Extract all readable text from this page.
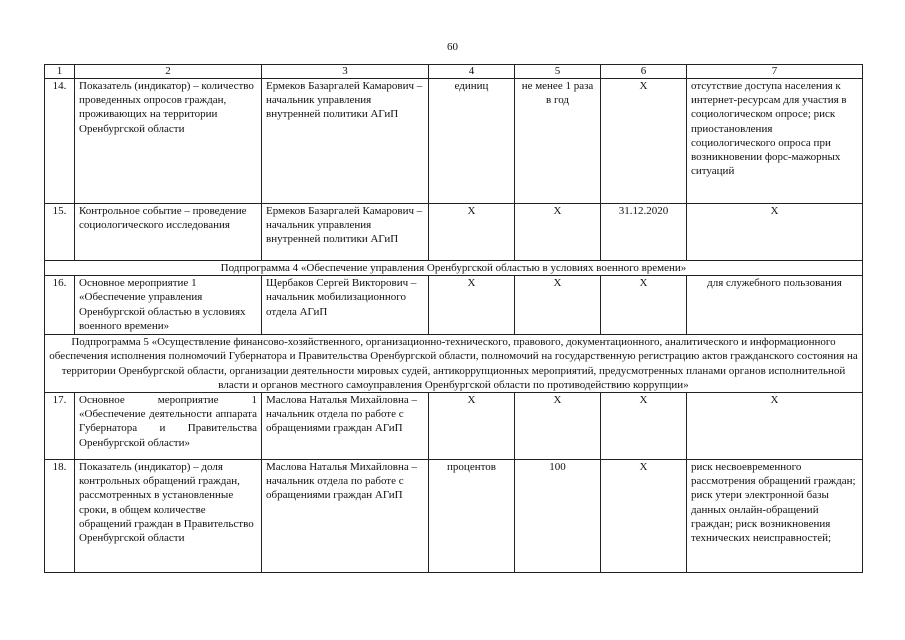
60
1	2	3	4	5	6	7
14.	Показатель (индикатор) – количество проведенных опросов граждан, проживающих на территории Оренбургской области	Ермеков Базаргалей Камарович – начальник управления внутренней политики АГиП	единиц	не менее 1 раза в год	Х	отсутствие доступа населения к интернет-ресурсам для участия в социологическом опросе; риск приостановления социологического опроса при возникновении форс-мажорных ситуаций
15.	Контрольное событие – проведение социологического исследования	Ермеков Базаргалей Камарович – начальник управления внутренней политики АГиП	Х	Х	31.12.2020	Х
Подпрограмма 4 «Обеспечение управления Оренбургской областью в условиях военного времени»						
16.	Основное мероприятие 1 «Обеспечение управления Оренбургской областью в условиях военного времени»	Щербаков Сергей Викторович – начальник мобилизационного отдела АГиП	Х	Х	Х	для служебного пользования
Подпрограмма 5 «Осуществление финансово-хозяйственного, организационно-технического, правового, документационного, аналитического и информационного обеспечения исполнения полномочий Губернатора и Правительства Оренбургской области, полномочий на государственную регистрацию актов гражданского состояния на территории Оренбургской области, организации деятельности мировых судей, антикоррупционных мероприятий, предусмотренных планами органов исполнительной власти и органов местного самоуправления Оренбургской области по противодействию коррупции»						
17.	Основное мероприятие 1 «Обеспечение деятельности аппарата Губернатора и Правительства Оренбургской области»	Маслова Наталья Михайловна – начальник отдела по работе с обращениями граждан АГиП	Х	Х	Х	Х
18.	Показатель (индикатор) – доля контрольных обращений граждан, рассмотренных в установленные сроки, в общем количестве обращений граждан в Правительство Оренбургской области	Маслова Наталья Михайловна – начальник отдела по работе с обращениями граждан АГиП	процентов	100	Х	риск несвоевременного рассмотрения обращений граждан; риск утери электронной базы данных онлайн-обращений граждан; риск возникновения технических неисправностей;
